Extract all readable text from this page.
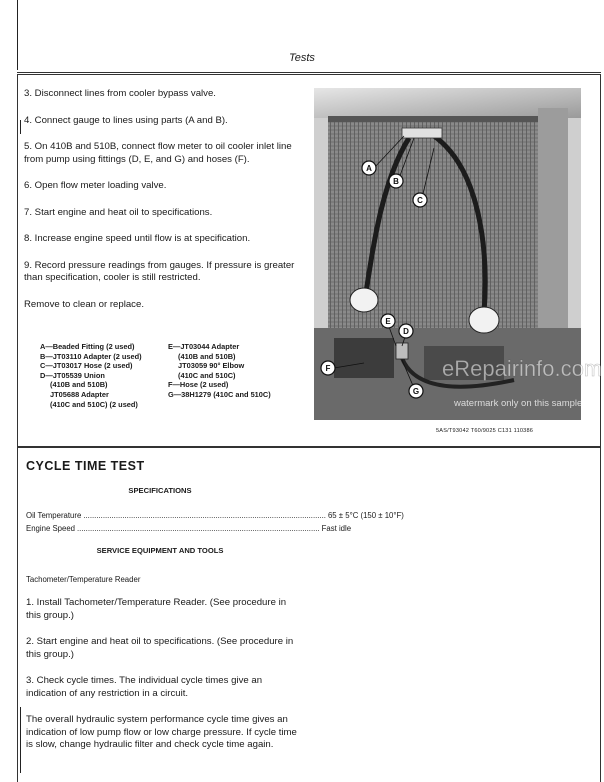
Tests

3. Disconnect lines from cooler bypass valve.

4. Connect gauge to lines using parts (A and B).

5. On 410B and 510B, connect flow meter to oil cooler inlet line from pump using fittings (D, E, and G) and hoses (F).

6. Open flow meter loading valve.

7. Start engine and heat oil to specifications.

8. Increase engine speed until flow is at specification.

9. Record pressure readings from gauges. If pressure is greater than specification, cooler is still restricted.

Remove to clean or replace.

A—Beaded Fitting (2 used)
B—JT03110 Adapter (2 used)
C—JT03017 Hose (2 used)
D—JT05539 Union
(410B and 510B)
JT05688 Adapter
(410C and 510C) (2 used)
E—JT03044 Adapter
(410B and 510B)
JT03059 90° Elbow
(410C and 510C)
F—Hose (2 used)
G—38H1279 (410C and 510C)
A
B
C
D
E
F
G
eRepairinfo.com
watermark only on this sample
5AS/T93042 T60/9025 C131 110386
CYCLE TIME TEST
SPECIFICATIONS
Oil Temperature .....	65 ± 5°C (150 ± 10°F)
Engine Speed .....	Fast idle
SERVICE EQUIPMENT AND TOOLS
Tachometer/Temperature Reader

1. Install Tachometer/Temperature Reader. (See procedure in this group.)

2. Start engine and heat oil to specifications. (See procedure in this group.)

3. Check cycle times. The individual cycle times give an indication of any restriction in a circuit.

The overall hydraulic system performance cycle time gives an indication of low pump flow or low charge pressure. If cycle time is slow, change hydraulic filter and check cycle time again.
